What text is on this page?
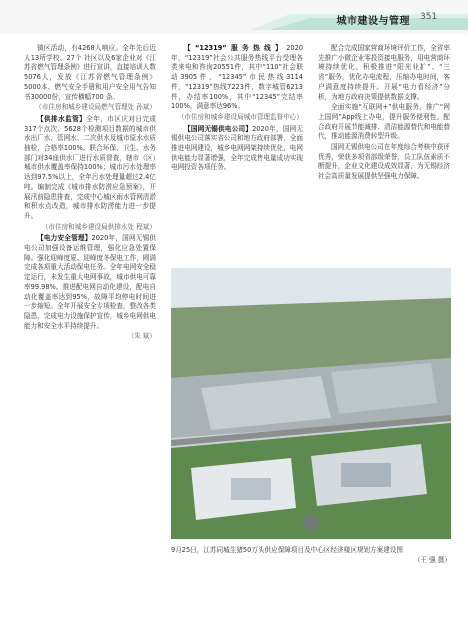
城市建设与管理 351

镇区活动，有4268人响应。全年先后近人13所学校、27个 社区以及6家企业对《江苏省燃气管理条例》进行宣讲，直接培训人数5076人，发放《江苏省燃气管理条例》5000本、燃气安全手册和用户安全用气告知书30000份，宣传横幅700 条。

（市住房和城乡建设局燃气管理处 孙斌）

【供排水监管】全年，市区庆对日完成317个点次、5628个检测项目数据的城市供水出厂水、管网水、二次供水及城市原水水质抽检，合格率100%。联合环保、卫生、水务部门对34座供水厂进行水质督查，辖市（区）城市供水覆盖率保持100%；城市污水处理率达到97.5%以上，全年污水处理量超过2.4亿吨。编制完成《城市排水防涝应急预案》，开展汛前隐患排查，完成中心城区雨水管网清淤和积水点改造，城市排水防涝能力进一步提升。

（市住房和城乡建设局供排水处 程斌）

【电力安全管理】2020年，国网无锡供电公司加强设备运维管理，强化应急处置保障。强化迎峰度夏、迎峰度冬保电工作，圆满完成各项重大活动保电任务。全年电网安全稳定运行，未发生重大电网事故，城市供电可靠率99.98%。推进配电网自动化建设，配电自动化覆盖率达到95%，故障平均停电时间进一步缩短。全年开展安全专项检查，整改各类隐患，完成电力设施保护宣传，城乡电网供电能力和安全水平持续提升。

（朱 斌）

【“12319”服务热线】2020年，“12319”社会公共服务热线平台受理各类来电和咨询20551件，其中“110”社会联动3905件，“12345”市民热线3114件，“12319”热线7223件，数字城管6213件，办结率100%，其中“12345”完结率100%，满意率达96%。

（市住房和城乡建设局城市管理监督中心）

【国网无锡供电公司】2020年，国网无锡供电公司落实省公司和地方政府部署，全面推进电网建设，城乡电网网架持续优化，电网供电能力显著增强，全年完成售电量成功实现电网投资各项任务。

配合完成国家营商环境评价工作，全省率先推广小微企业零投资接电服务，用电营商环境持续优化。积极推进“阳光业扩”、“三省”服务，优化办电流程，压缩办电时间，客户满意度持续提升。开展“电力看经济”分析，为地方政府决策提供数据支撑。

全面实施“互联网+”供电服务，推广“网上国网”App线上办电，提升服务便利性。配合政府开展节能减排、清洁能源替代和电能替代，推动能源消费转型升级。

国网无锡供电公司在年度综合考核中获评优秀，荣获多项省部级荣誉，员工队伍素质不断提升，企业文化建设成效显著，为无锡经济社会高质量发展提供坚强电力保障。

9月25日，江苏同城生猪50万头供应保障项目及中心区经济楼区规划方案建设图
（王 强 摄）
